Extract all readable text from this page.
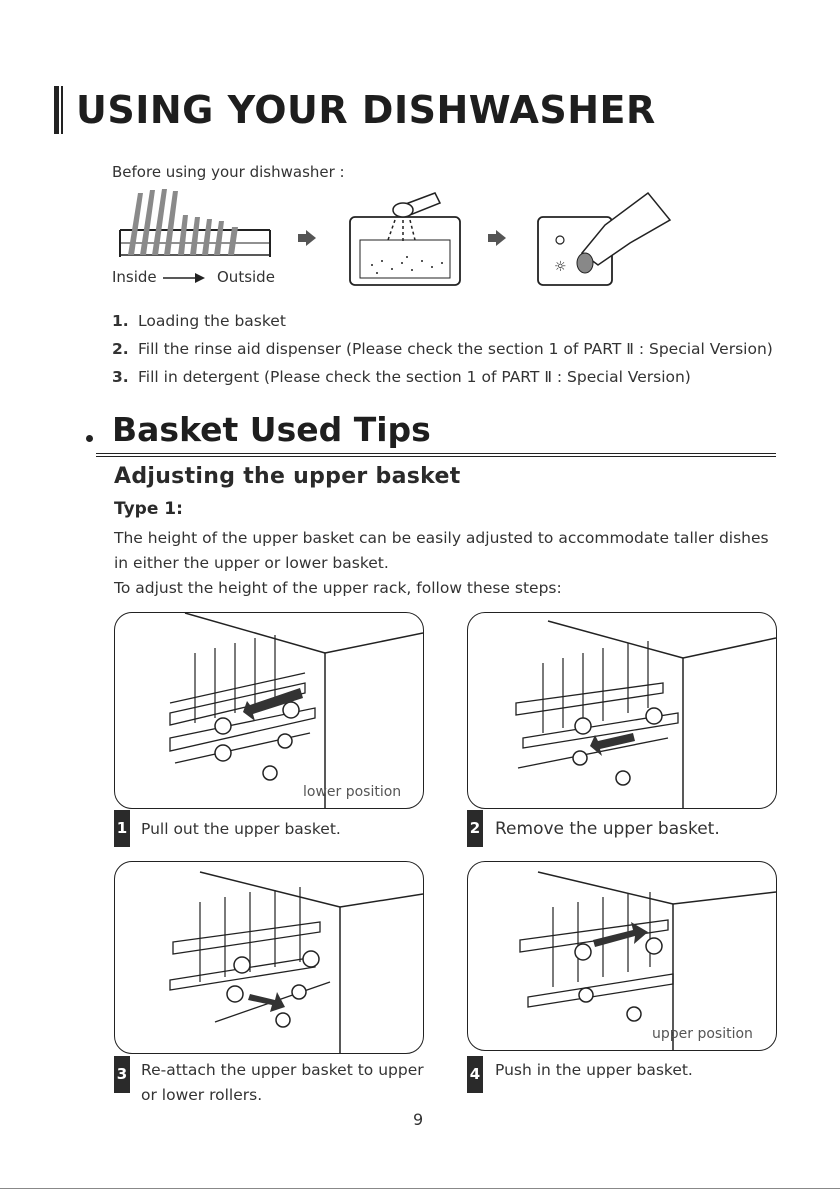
USING YOUR DISHWASHER
Before using your dishwasher :
☼
Inside	Outside
1. Loading the basket
2. Fill the rinse aid dispenser (Please check the section 1 of PART Ⅱ : Special Version)
3. Fill in detergent (Please check the section 1 of PART Ⅱ : Special Version)
Basket Used Tips
Adjusting the upper basket
Type 1:
The height of the upper basket can be easily adjusted to accommodate taller dishes
in either the upper or lower basket.
To adjust the height of the upper rack, follow these steps:
lower position
1 Pull out the upper basket.	2 Remove the upper basket.
3 Re-attach the upper basket to upper
or lower rollers.
upper position
4 Push in the upper basket.
9
